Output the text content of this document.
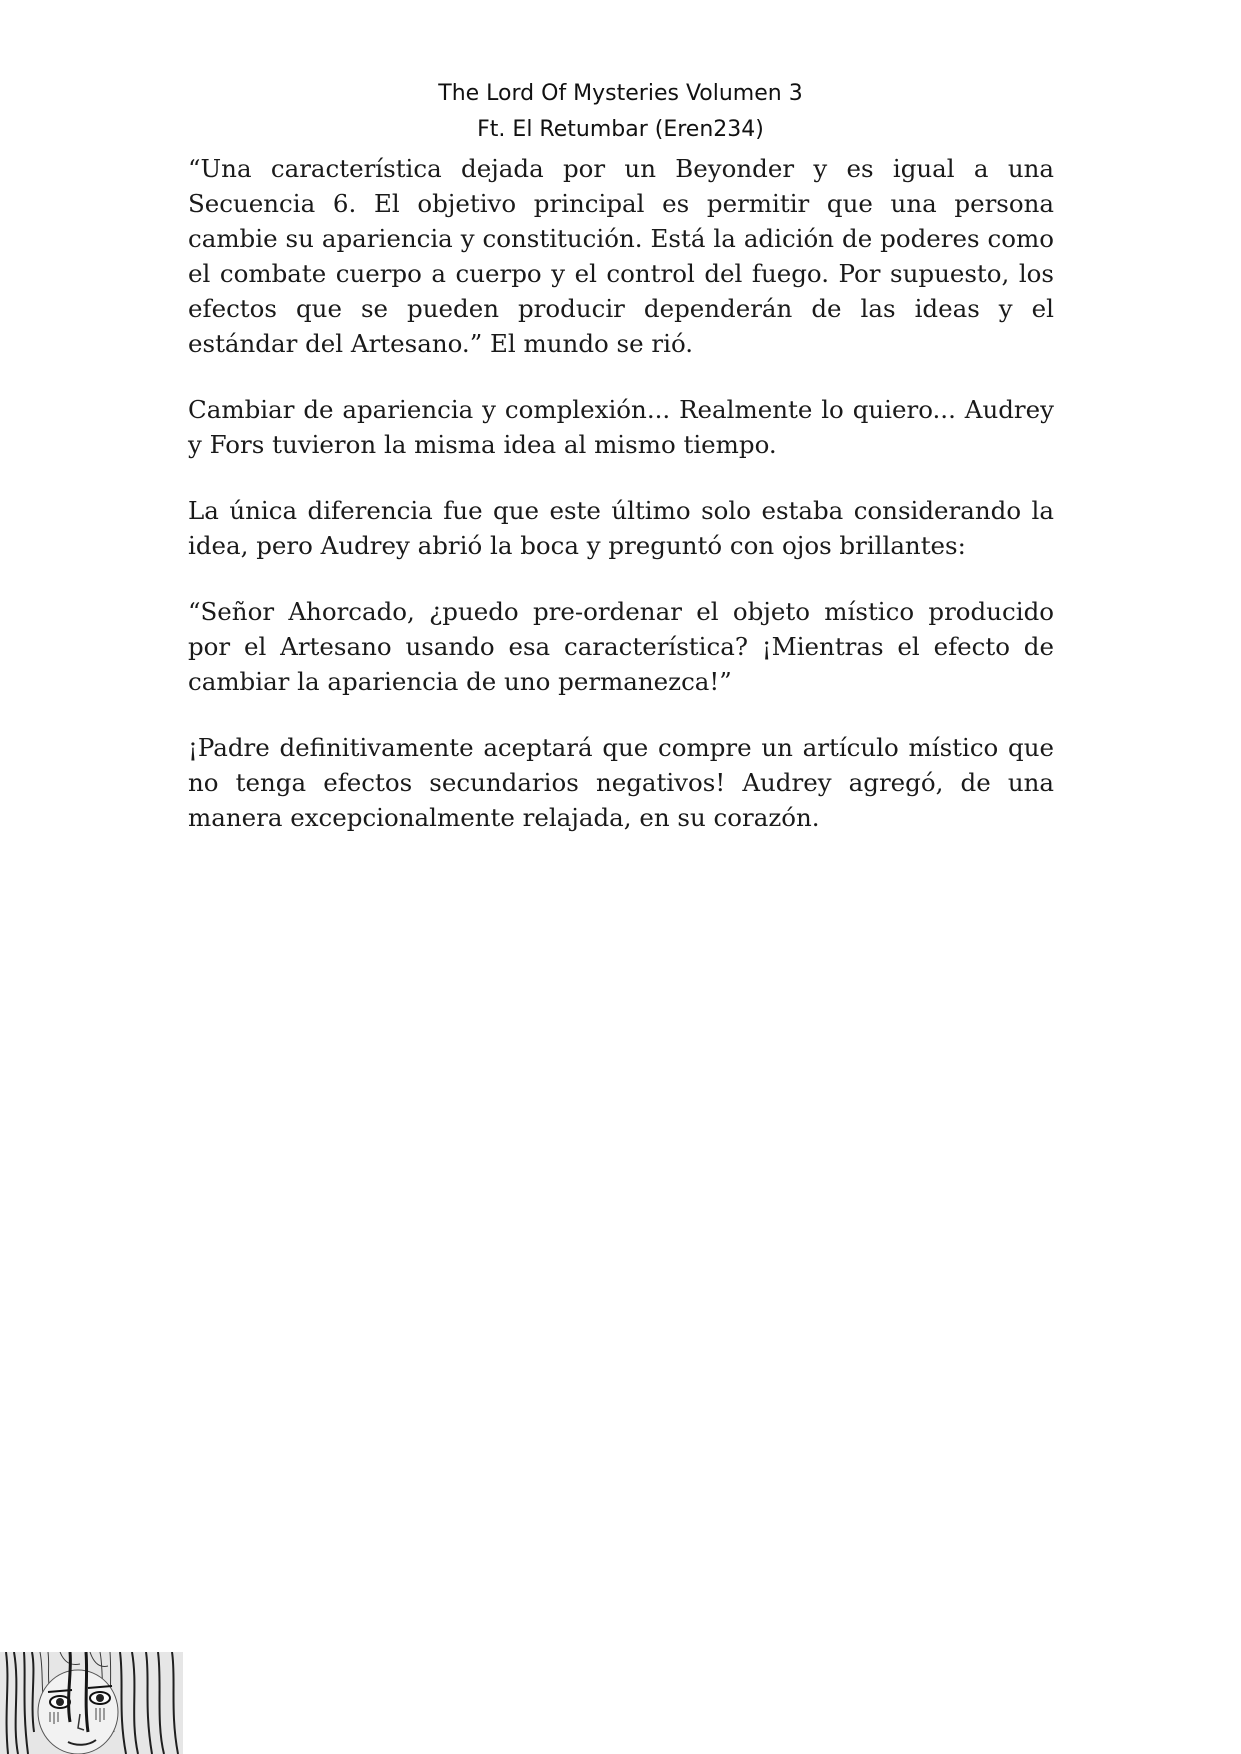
The Lord Of Mysteries Volumen 3
Ft. El Retumbar (Eren234)

“Una característica dejada por un Beyonder y es igual a una Secuencia 6. El objetivo principal es permitir que una persona cambie su apariencia y constitución. Está la adición de poderes como el combate cuerpo a cuerpo y el control del fuego. Por supuesto, los efectos que se pueden producir dependerán de las ideas y el estándar del Artesano.” El mundo se rió.

Cambiar de apariencia y complexión... Realmente lo quiero... Audrey y Fors tuvieron la misma idea al mismo tiempo.

La única diferencia fue que este último solo estaba considerando la idea, pero Audrey abrió la boca y preguntó con ojos brillantes:

“Señor Ahorcado, ¿puedo pre-ordenar el objeto místico producido por el Artesano usando esa característica? ¡Mientras el efecto de cambiar la apariencia de uno permanezca!”

¡Padre definitivamente aceptará que compre un artículo místico que no tenga efectos secundarios negativos! Audrey agregó, de una manera excepcionalmente relajada, en su corazón.
